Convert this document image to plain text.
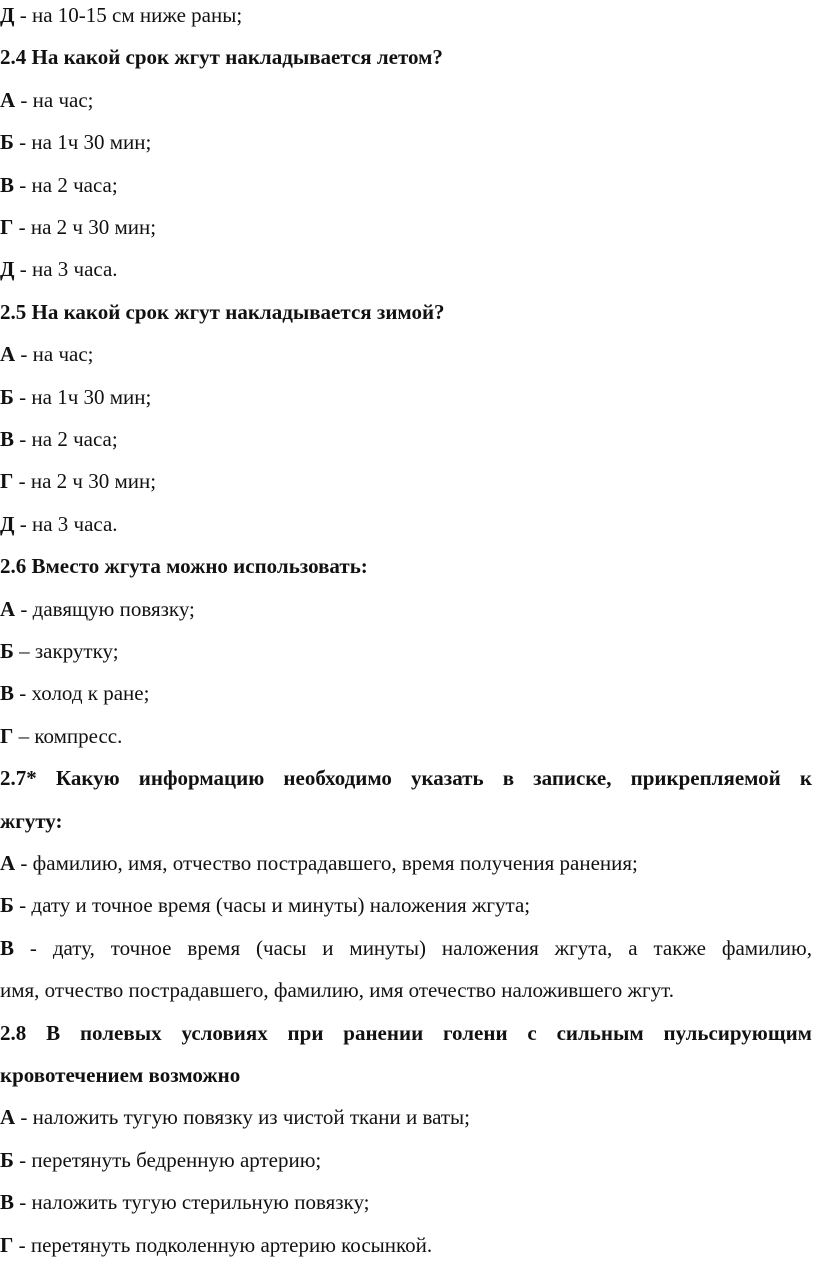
Д - на 10-15 см ниже раны;
2.4 На какой срок жгут накладывается летом?
А - на час;
Б - на 1ч 30 мин;
В - на 2 часа;
Г - на 2 ч 30 мин;
Д - на 3 часа.
2.5 На какой срок жгут накладывается зимой?
А - на час;
Б - на 1ч 30 мин;
В - на 2 часа;
Г - на 2 ч 30 мин;
Д - на 3 часа.
2.6 Вместо жгута можно использовать:
А - давящую повязку;
Б – закрутку;
В - холод к ране;
Г – компресс.
2.7* Какую информацию необходимо указать в записке, прикрепляемой к
жгуту:
А - фамилию, имя, отчество пострадавшего, время получения ранения;
Б - дату и точное время (часы и минуты) наложения жгута;
В - дату, точное время (часы и минуты) наложения жгута, а также фамилию,
имя, отчество пострадавшего, фамилию, имя отечество наложившего жгут.
2.8 В полевых условиях при ранении голени с сильным пульсирующим
кровотечением возможно
А - наложить тугую повязку из чистой ткани и ваты;
Б - перетянуть бедренную артерию;
В - наложить тугую стерильную повязку;
Г - перетянуть подколенную артерию косынкой.
